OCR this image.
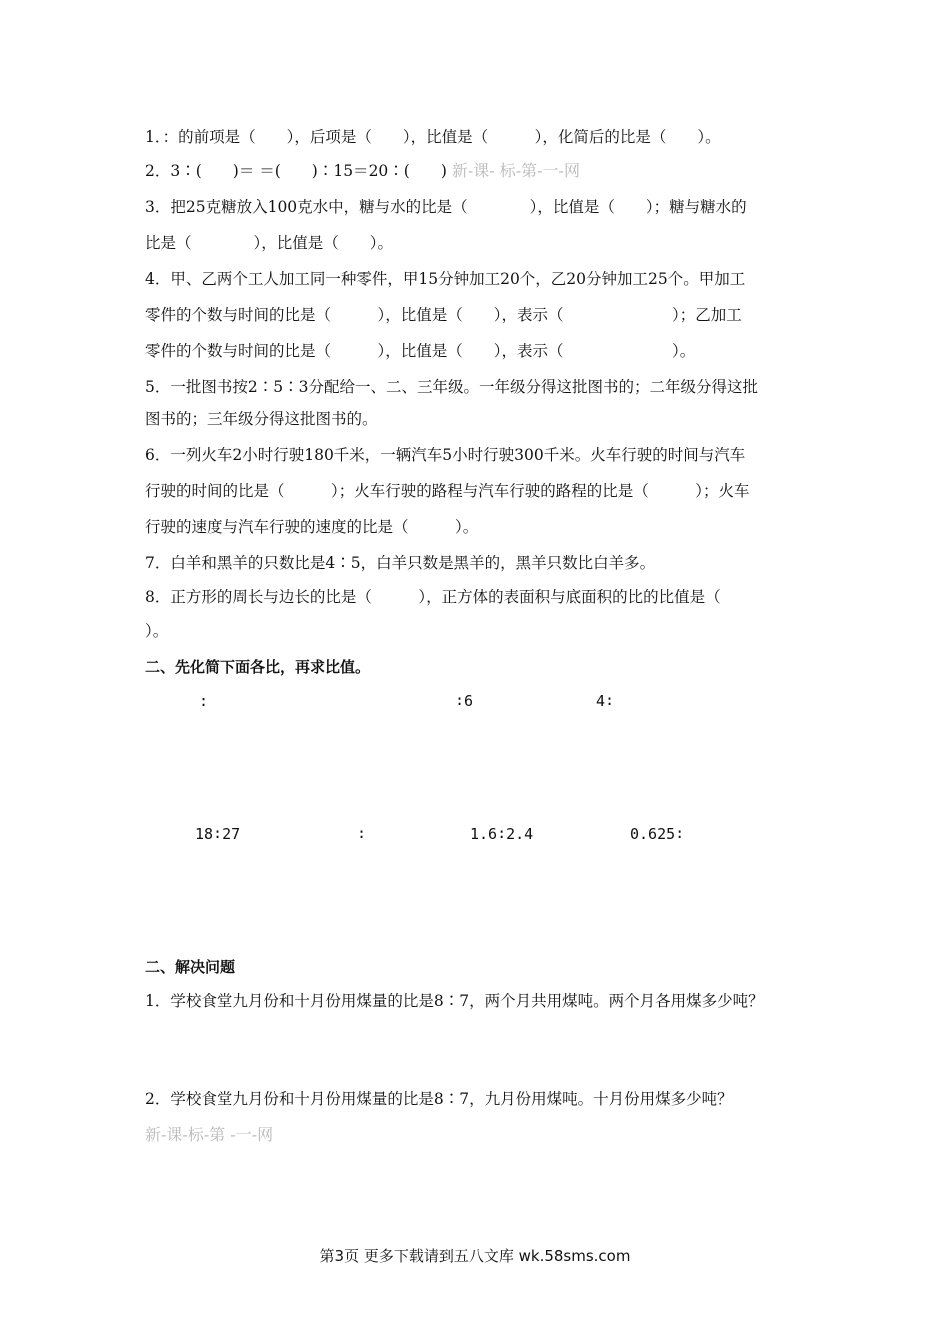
1．：的前项是（　　），后项是（　　），比值是（　　　），化简后的比是（　　）。
2．3∶(　　)＝ ＝(　　)∶15＝20∶(　　) 新-课- 标-第-一-网
3．把25克糖放入100克水中，糖与水的比是（　　　　），比值是（　　）；糖与糖水的
比是（　　　　），比值是（　　）。
4．甲、乙两个工人加工同一种零件，甲15分钟加工20个，乙20分钟加工25个。甲加工
零件的个数与时间的比是（　　　），比值是（　　），表示（　　　　　　　）；乙加工
零件的个数与时间的比是（　　　），比值是（　　），表示（　　　　　　　）。
5．一批图书按2∶5∶3分配给一、二、三年级。一年级分得这批图书的；二年级分得这批
图书的；三年级分得这批图书的。
6．一列火车2小时行驶180千米，一辆汽车5小时行驶300千米。火车行驶的时间与汽车
行驶的时间的比是（　　　）；火车行驶的路程与汽车行驶的路程的比是（　　　）；火车
行驶的速度与汽车行驶的速度的比是（　　　）。
7．白羊和黑羊的只数比是4∶5，白羊只数是黑羊的，黑羊只数比白羊多。
8．正方形的周长与边长的比是（　　　），正方体的表面积与底面积的比的比值是（
）。
二、先化简下面各比，再求比值。
:	∶6	4∶
18∶27	∶	1.6∶2.4	0.625∶
二、解决问题
1．学校食堂九月份和十月份用煤量的比是8∶7，两个月共用煤吨。两个月各用煤多少吨？
2．学校食堂九月份和十月份用煤量的比是8∶7，九月份用煤吨。十月份用煤多少吨？
新-课-标-第 -一-网
第3页 更多下载请到五八文库 wk.58sms.com
